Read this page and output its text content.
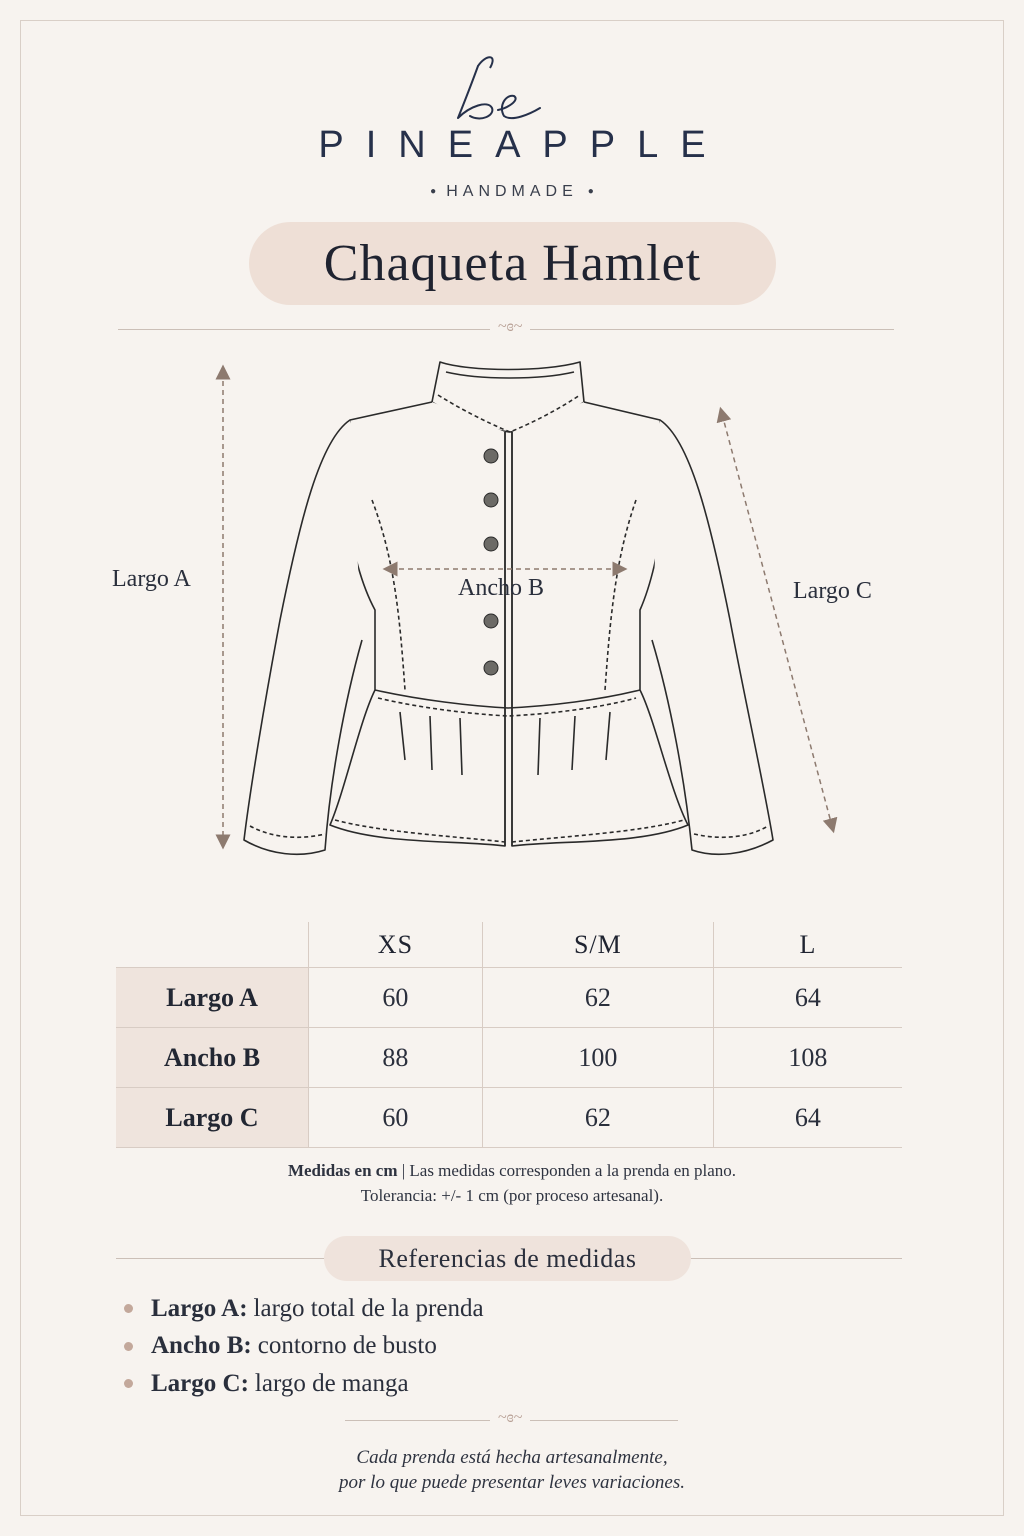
PINEAPPLE
● HANDMADE ●
Chaqueta Hamlet
~ɞ~
Largo A	Ancho B	Largo C
	XS	S/M	L
Largo A	60	62	64
Ancho B	88	100	108
Largo C	60	62	64
Medidas en cm | Las medidas corresponden a la prenda en plano.
Tolerancia: +/- 1 cm (por proceso artesanal).
Referencias de medidas
Largo A: largo total de la prenda
Ancho B: contorno de busto
Largo C: largo de manga
~ɞ~
Cada prenda está hecha artesanalmente,
por lo que puede presentar leves variaciones.
